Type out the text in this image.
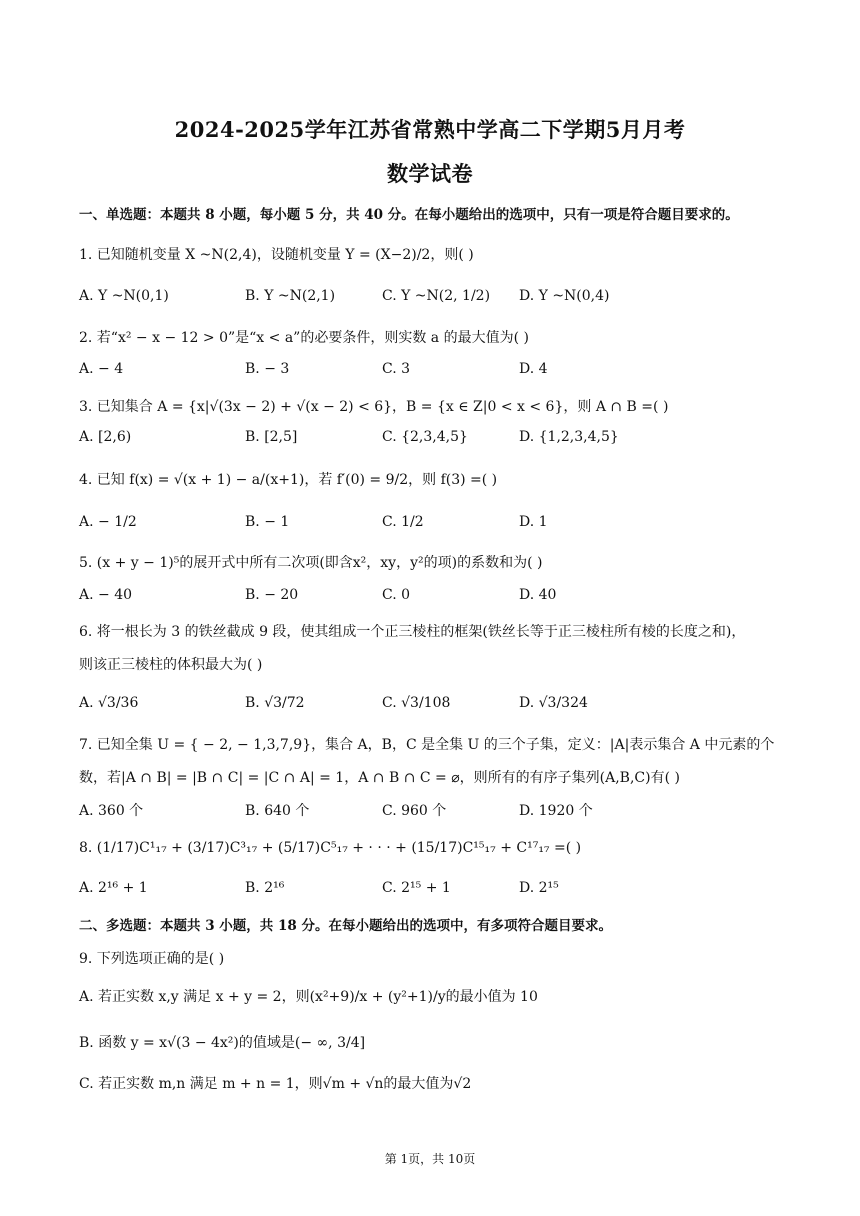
2024-2025学年江苏省常熟中学高二下学期5月月考
数学试卷
一、单选题：本题共 8 小题，每小题 5 分，共 40 分。在每小题给出的选项中，只有一项是符合题目要求的。
1. 已知随机变量 X ~N(2,4)，设随机变量 Y = (X−2)/2，则( )
A. Y ~N(0,1)	B. Y ~N(2,1)	C. Y ~N(2, 1/2) D. Y ~N(0,4)
2. 若“x² − x − 12 > 0”是“x < a”的必要条件，则实数 a 的最大值为( )
A. − 4	B. − 3	C. 3	D. 4
3. 已知集合 A = {x|√(3x − 2) + √(x − 2) < 6}，B = {x ∈ Z|0 < x < 6}，则 A ∩ B =( )
A. [2,6)	B. [2,5]	C. {2,3,4,5}	D. {1,2,3,4,5}
4. 已知 f(x) = √(x + 1) − a/(x+1)，若 f′(0) = 9/2，则 f(3) =( )
A. − 1/2	B. − 1	C. 1/2	D. 1
5. (x + y − 1)⁵的展开式中所有二次项(即含x²，xy，y²的项)的系数和为( )
A. − 40	B. − 20	C. 0	D. 40
6. 将一根长为 3 的铁丝截成 9 段，使其组成一个正三棱柱的框架(铁丝长等于正三棱柱所有棱的长度之和)，
则该正三棱柱的体积最大为( )
A. √3/36	B. √3/72	C. √3/108	D. √3/324
7. 已知全集 U = { − 2, − 1,3,7,9}，集合 A，B，C 是全集 U 的三个子集，定义：|A|表示集合 A 中元素的个
数，若|A ∩ B| = |B ∩ C| = |C ∩ A| = 1，A ∩ B ∩ C = ⌀，则所有的有序子集列(A,B,C)有( )
A. 360 个	B. 640 个	C. 960 个	D. 1920 个
8. (1/17)C¹₁₇ + (3/17)C³₁₇ + (5/17)C⁵₁₇ + · · · + (15/17)C¹⁵₁₇ + C¹⁷₁₇ =( )
A. 2¹⁶ + 1	B. 2¹⁶	C. 2¹⁵ + 1	D. 2¹⁵
二、多选题：本题共 3 小题，共 18 分。在每小题给出的选项中，有多项符合题目要求。
9. 下列选项正确的是( )
A. 若正实数 x,y 满足 x + y = 2，则(x²+9)/x + (y²+1)/y的最小值为 10
B. 函数 y = x√(3 − 4x²)的值域是(− ∞, 3/4]
C. 若正实数 m,n 满足 m + n = 1，则√m + √n的最大值为√2
第 1页，共 10页
